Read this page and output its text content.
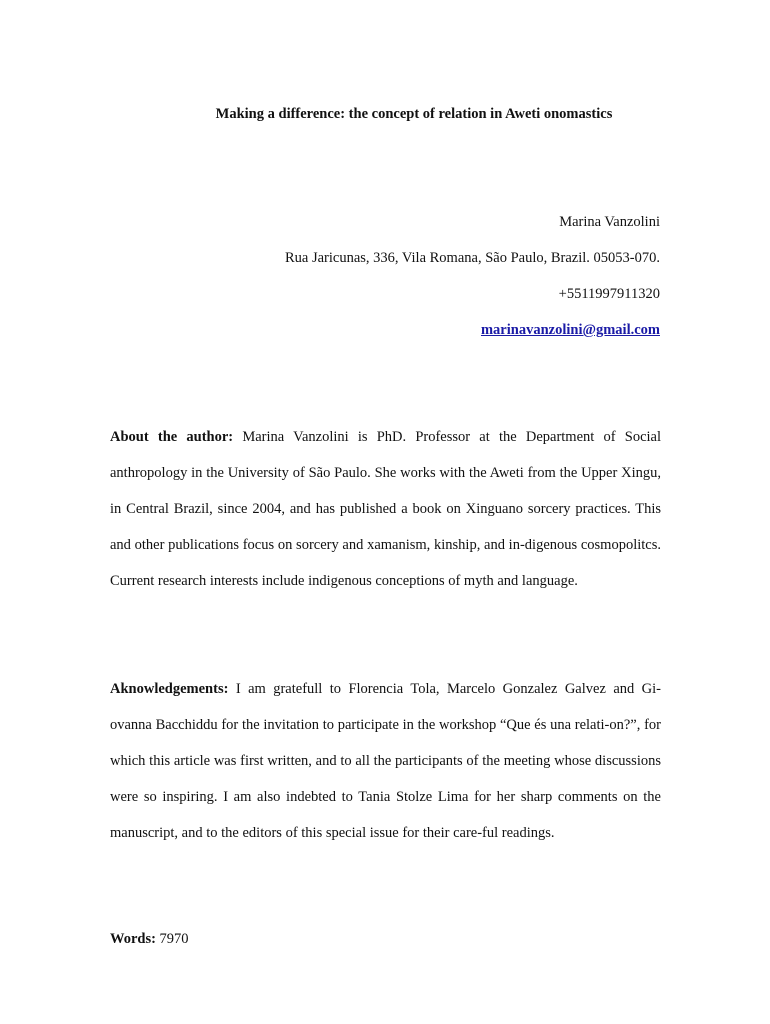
Making a difference: the concept of relation in Aweti onomastics
Marina Vanzolini
Rua Jaricunas, 336, Vila Romana, São Paulo, Brazil. 05053-070.
+5511997911320
marinavanzolini@gmail.com

About the author: Marina Vanzolini is PhD. Professor at the Department of Social anthropology in the University of São Paulo. She works with the Aweti from the Upper Xingu, in Central Brazil, since 2004, and has published a book on Xinguano sorcery practices. This and other publications focus on sorcery and xamanism, kinship, and in-digenous cosmopolitcs. Current research interests include indigenous conceptions of myth and language.

Aknowledgements: I am gratefull to Florencia Tola, Marcelo Gonzalez Galvez and Gi-ovanna Bacchiddu for the invitation to participate in the workshop “Que és una relati-on?”, for which this article was first written, and to all the participants of the meeting whose discussions were so inspiring. I am also indebted to Tania Stolze Lima for her sharp comments on the manuscript, and to the editors of this special issue for their care-ful readings.

Words: 7970
